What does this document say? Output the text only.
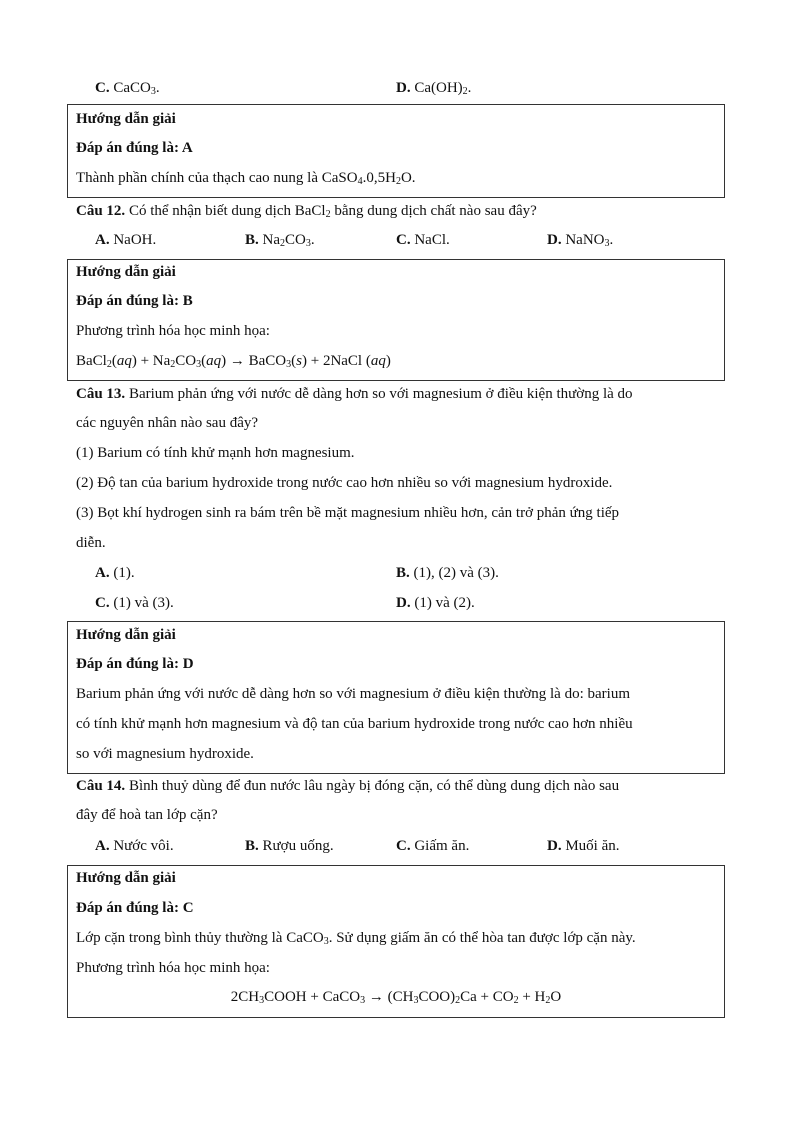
C. CaCO$_3$.	D. $Ca(OH)_2$.
Hướng dẫn giải
Đáp án đúng là: A
Thành phần chính của thạch cao nung là $CaSO_4.0,5H_2O$.
Câu 12. Có thể nhận biết dung dịch BaCl$_2$ bằng dung dịch chất nào sau đây?
A. NaOH.	B. $Na_2CO_3$.	C. NaCl.	D. NaNO$_3$.
Hướng dẫn giải
Đáp án đúng là: B
Phương trình hóa học minh họa:
BaCl$_2$(aq) + $Na_2CO_3(aq)$ → BaCO$_3$(s) + 2NaCl (aq)
Câu 13. Barium phản ứng với nước dễ dàng hơn so với magnesium ở điều kiện thường là do
các nguyên nhân nào sau đây?
(1) Barium có tính khử mạnh hơn magnesium.
(2) Độ tan của barium hydroxide trong nước cao hơn nhiều so với magnesium hydroxide.
(3) Bọt khí hydrogen sinh ra bám trên bề mặt magnesium nhiều hơn, cản trở phản ứng tiếp
diễn.
A. (1).	B. (1), (2) và (3).
C. (1) và (3).	D. (1) và (2).
Hướng dẫn giải
Đáp án đúng là: D
Barium phản ứng với nước dễ dàng hơn so với magnesium ở điều kiện thường là do: barium
có tính khử mạnh hơn magnesium và độ tan của barium hydroxide trong nước cao hơn nhiều
so với magnesium hydroxide.
Câu 14. Bình thuỷ dùng để đun nước lâu ngày bị đóng cặn, có thể dùng dung dịch nào sau
đây để hoà tan lớp cặn?
A. Nước vôi.	B. Rượu uống.	C. Giấm ăn.	D. Muối ăn.
Hướng dẫn giải
Đáp án đúng là: C
Lớp cặn trong bình thủy thường là CaCO$_3$. Sử dụng giấm ăn có thể hòa tan được lớp cặn này.
Phương trình hóa học minh họa:
$2CH_3COOH$ + CaCO$_3$ → $(CH_3COO)_2Ca + CO_2 + H_2O$
